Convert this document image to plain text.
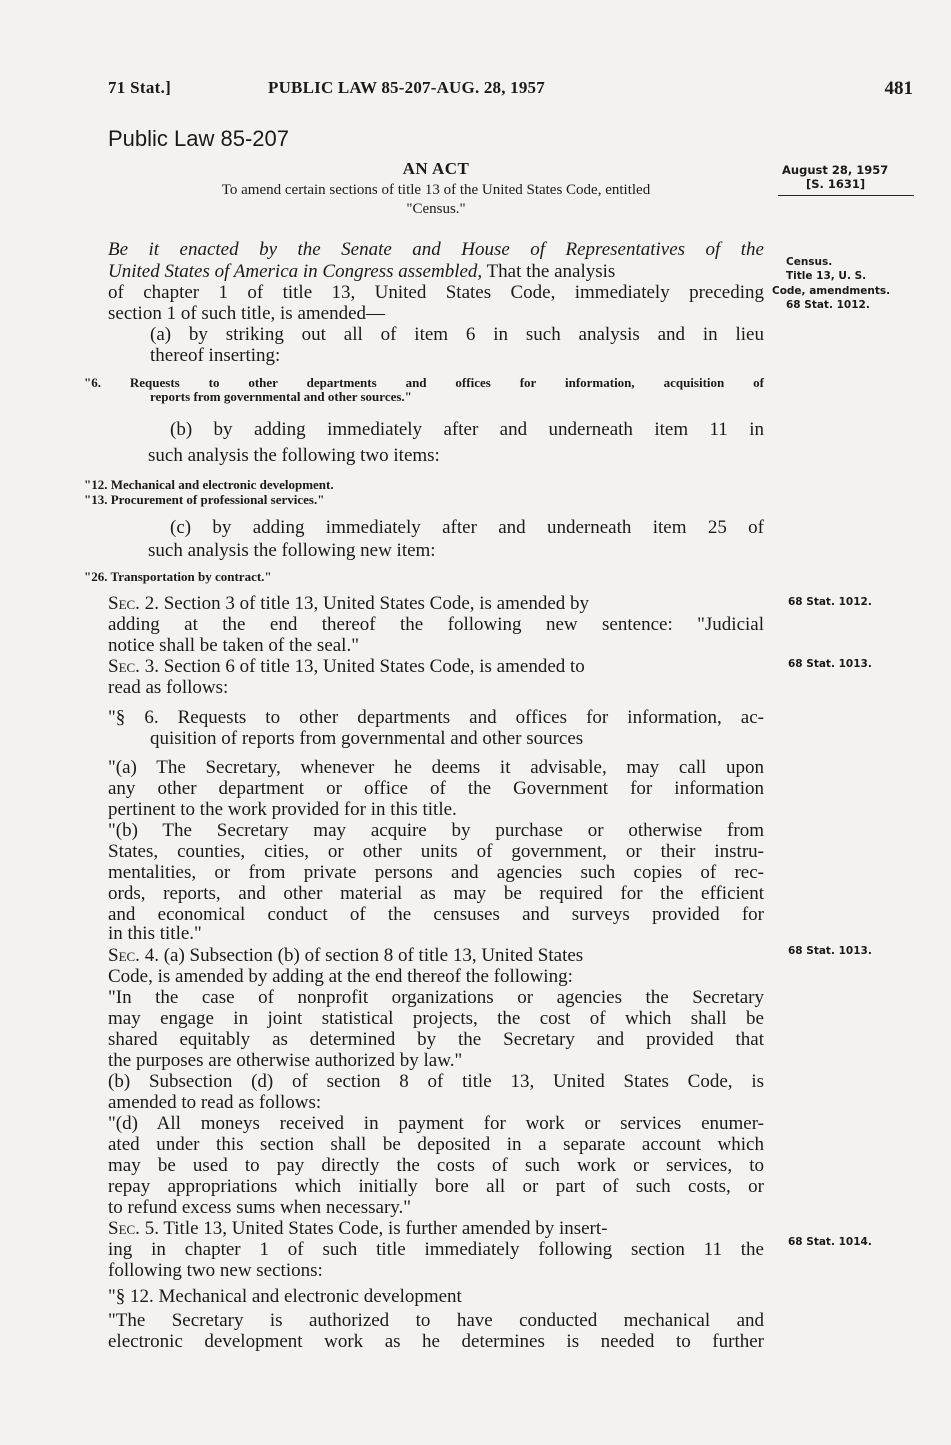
71 Stat.]	PUBLIC LAW 85-207-AUG. 28, 1957	481
Public Law 85-207
AN ACT
To amend certain sections of title 13 of the United States Code, entitled
"Census."
August 28, 1957
[S. 1631]
Census.
Title 13, U. S.
Code, amendments.
68 Stat. 1012.
68 Stat. 1012.
68 Stat. 1013.
68 Stat. 1013.
68 Stat. 1014.
Be it enacted by the Senate and House of Representatives of the
United States of America in Congress assembled, That the analysis
of chapter 1 of title 13, United States Code, immediately preceding
section 1 of such title, is amended—
(a) by striking out all of item 6 in such analysis and in lieu
thereof inserting:
"6. Requests to other departments and offices for information, acquisition of
reports from governmental and other sources."
(b) by adding immediately after and underneath item 11 in
such analysis the following two items:
"12. Mechanical and electronic development.
"13. Procurement of professional services."
(c) by adding immediately after and underneath item 25 of
such analysis the following new item:
"26. Transportation by contract."
Sec. 2. Section 3 of title 13, United States Code, is amended by
adding at the end thereof the following new sentence: "Judicial
notice shall be taken of the seal."
Sec. 3. Section 6 of title 13, United States Code, is amended to
read as follows:
"§ 6. Requests to other departments and offices for information, ac-
quisition of reports from governmental and other sources
"(a) The Secretary, whenever he deems it advisable, may call upon
any other department or office of the Government for information
pertinent to the work provided for in this title.
"(b) The Secretary may acquire by purchase or otherwise from
States, counties, cities, or other units of government, or their instru-
mentalities, or from private persons and agencies such copies of rec-
ords, reports, and other material as may be required for the efficient
and economical conduct of the censuses and surveys provided for
in this title."
Sec. 4. (a) Subsection (b) of section 8 of title 13, United States
Code, is amended by adding at the end thereof the following:
"In the case of nonprofit organizations or agencies the Secretary
may engage in joint statistical projects, the cost of which shall be
shared equitably as determined by the Secretary and provided that
the purposes are otherwise authorized by law."
(b) Subsection (d) of section 8 of title 13, United States Code, is
amended to read as follows:
"(d) All moneys received in payment for work or services enumer-
ated under this section shall be deposited in a separate account which
may be used to pay directly the costs of such work or services, to
repay appropriations which initially bore all or part of such costs, or
to refund excess sums when necessary."
Sec. 5. Title 13, United States Code, is further amended by insert-
ing in chapter 1 of such title immediately following section 11 the
following two new sections:
"§ 12. Mechanical and electronic development
"The Secretary is authorized to have conducted mechanical and
electronic development work as he determines is needed to further
